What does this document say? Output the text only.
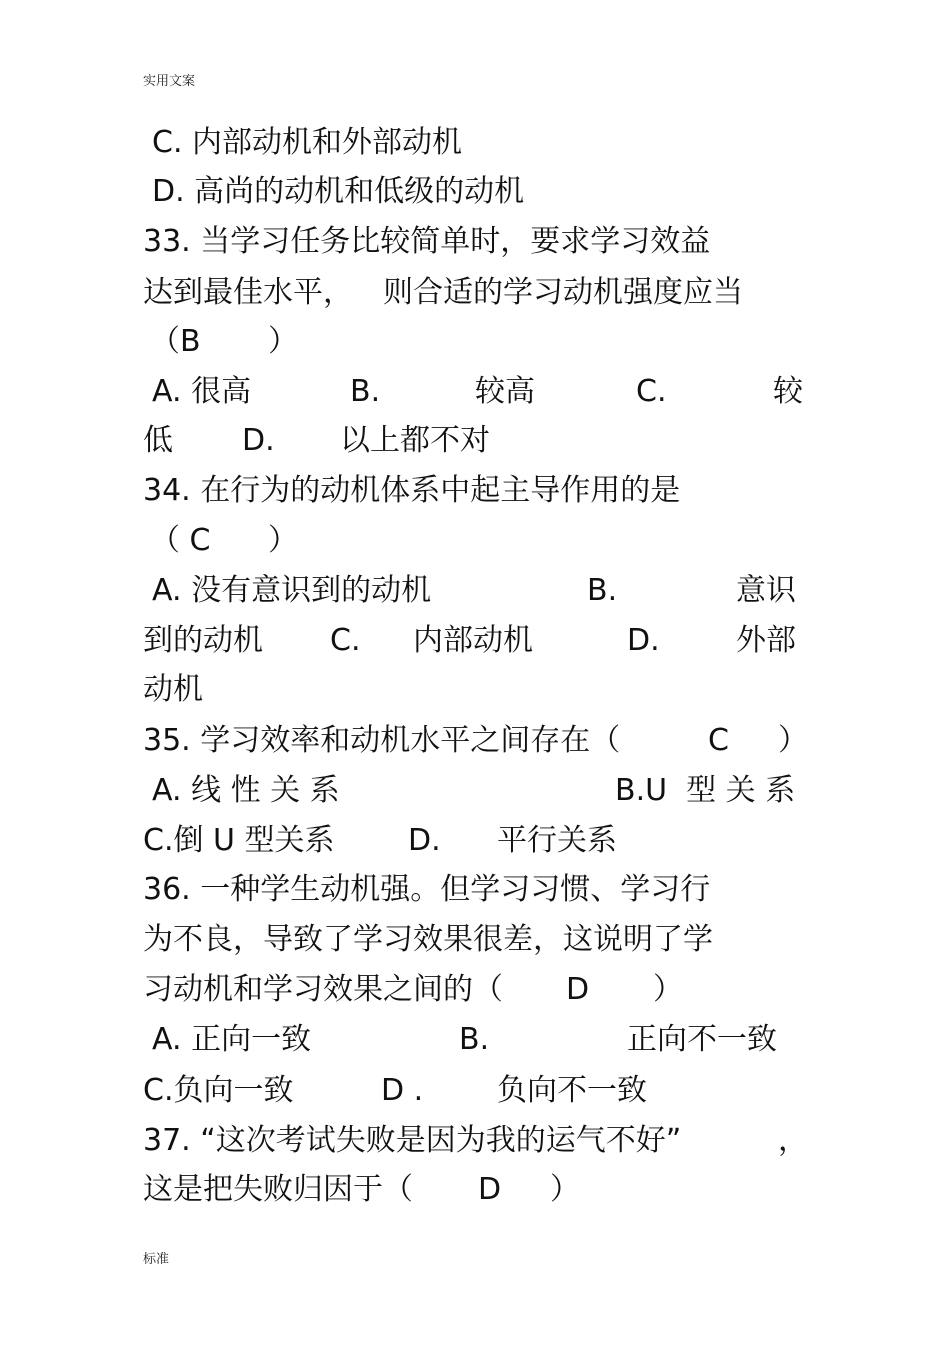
实用文案
C. 内部动机和外部动机
D. 高尚的动机和低级的动机
33. 当学习任务比较简单时，要求学习效益
达到最佳水平， 则合适的学习动机强度应当
（B ）
A. 很高	B.	较高	C.	较
低 D. 以上都不对
34. 在行为的动机体系中起主导作用的是
（ C ）
A. 没有意识到的动机	B.	意识
到的动机 C. 内部动机	D.	外部
动机
35. 学习效率和动机水平之间存在（	C ）
A. 线 性 关 系	B.U  型 关 系
C.倒 U 型关系 D. 平行关系
36. 一种学生动机强。但学习习惯、学习行
为不良，导致了学习效果很差，这说明了学
习动机和学习效果之间的（ D ）
A. 正向一致	B.	正向不一致
C.负向一致	D . 负向不一致
37. “这次考试失败是因为我的运气不好”	，
这是把失败归因于（ D ）
标准
